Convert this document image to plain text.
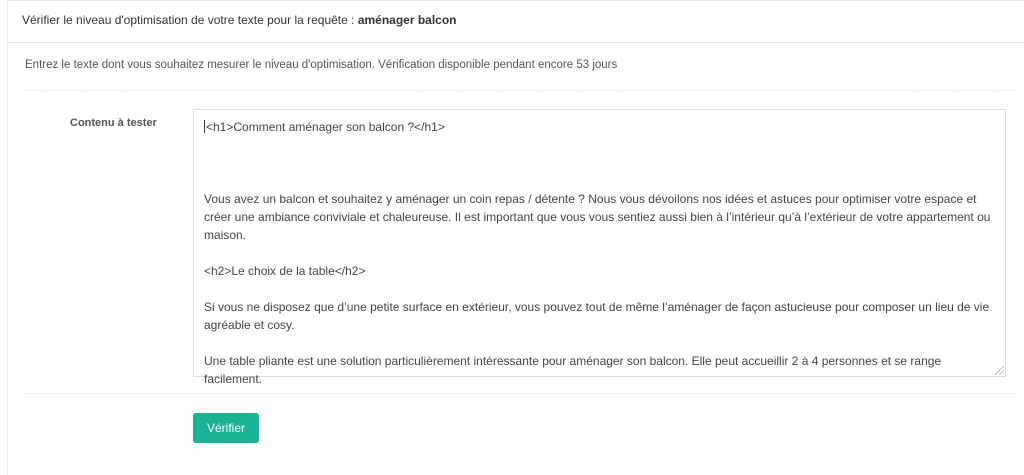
Vérifier le niveau d'optimisation de votre texte pour la requête : aménager balcon
Entrez le texte dont vous souhaitez mesurer le niveau d'optimisation. Vérification disponible pendant encore 53 jours
Contenu à tester	<h1>Comment aménager son balcon ?</h1>

Vous avez un balcon et souhaitez y aménager un coin repas / détente ? Nous vous dévoilons nos idées et astuces pour optimiser votre espace et créer une ambiance conviviale et chaleureuse. Il est important que vous vous sentiez aussi bien à l’intérieur qu’à l’extérieur de votre appartement ou maison.

<h2>Le choix de la table</h2>

Si vous ne disposez que d’une petite surface en extérieur, vous pouvez tout de même l’aménager de façon astucieuse pour composer un lieu de vie agréable et cosy.

Une table pliante est une solution particulièrement intéressante pour aménager son balcon. Elle peut accueillir 2 à 4 personnes et se range facilement.

Vérifier
